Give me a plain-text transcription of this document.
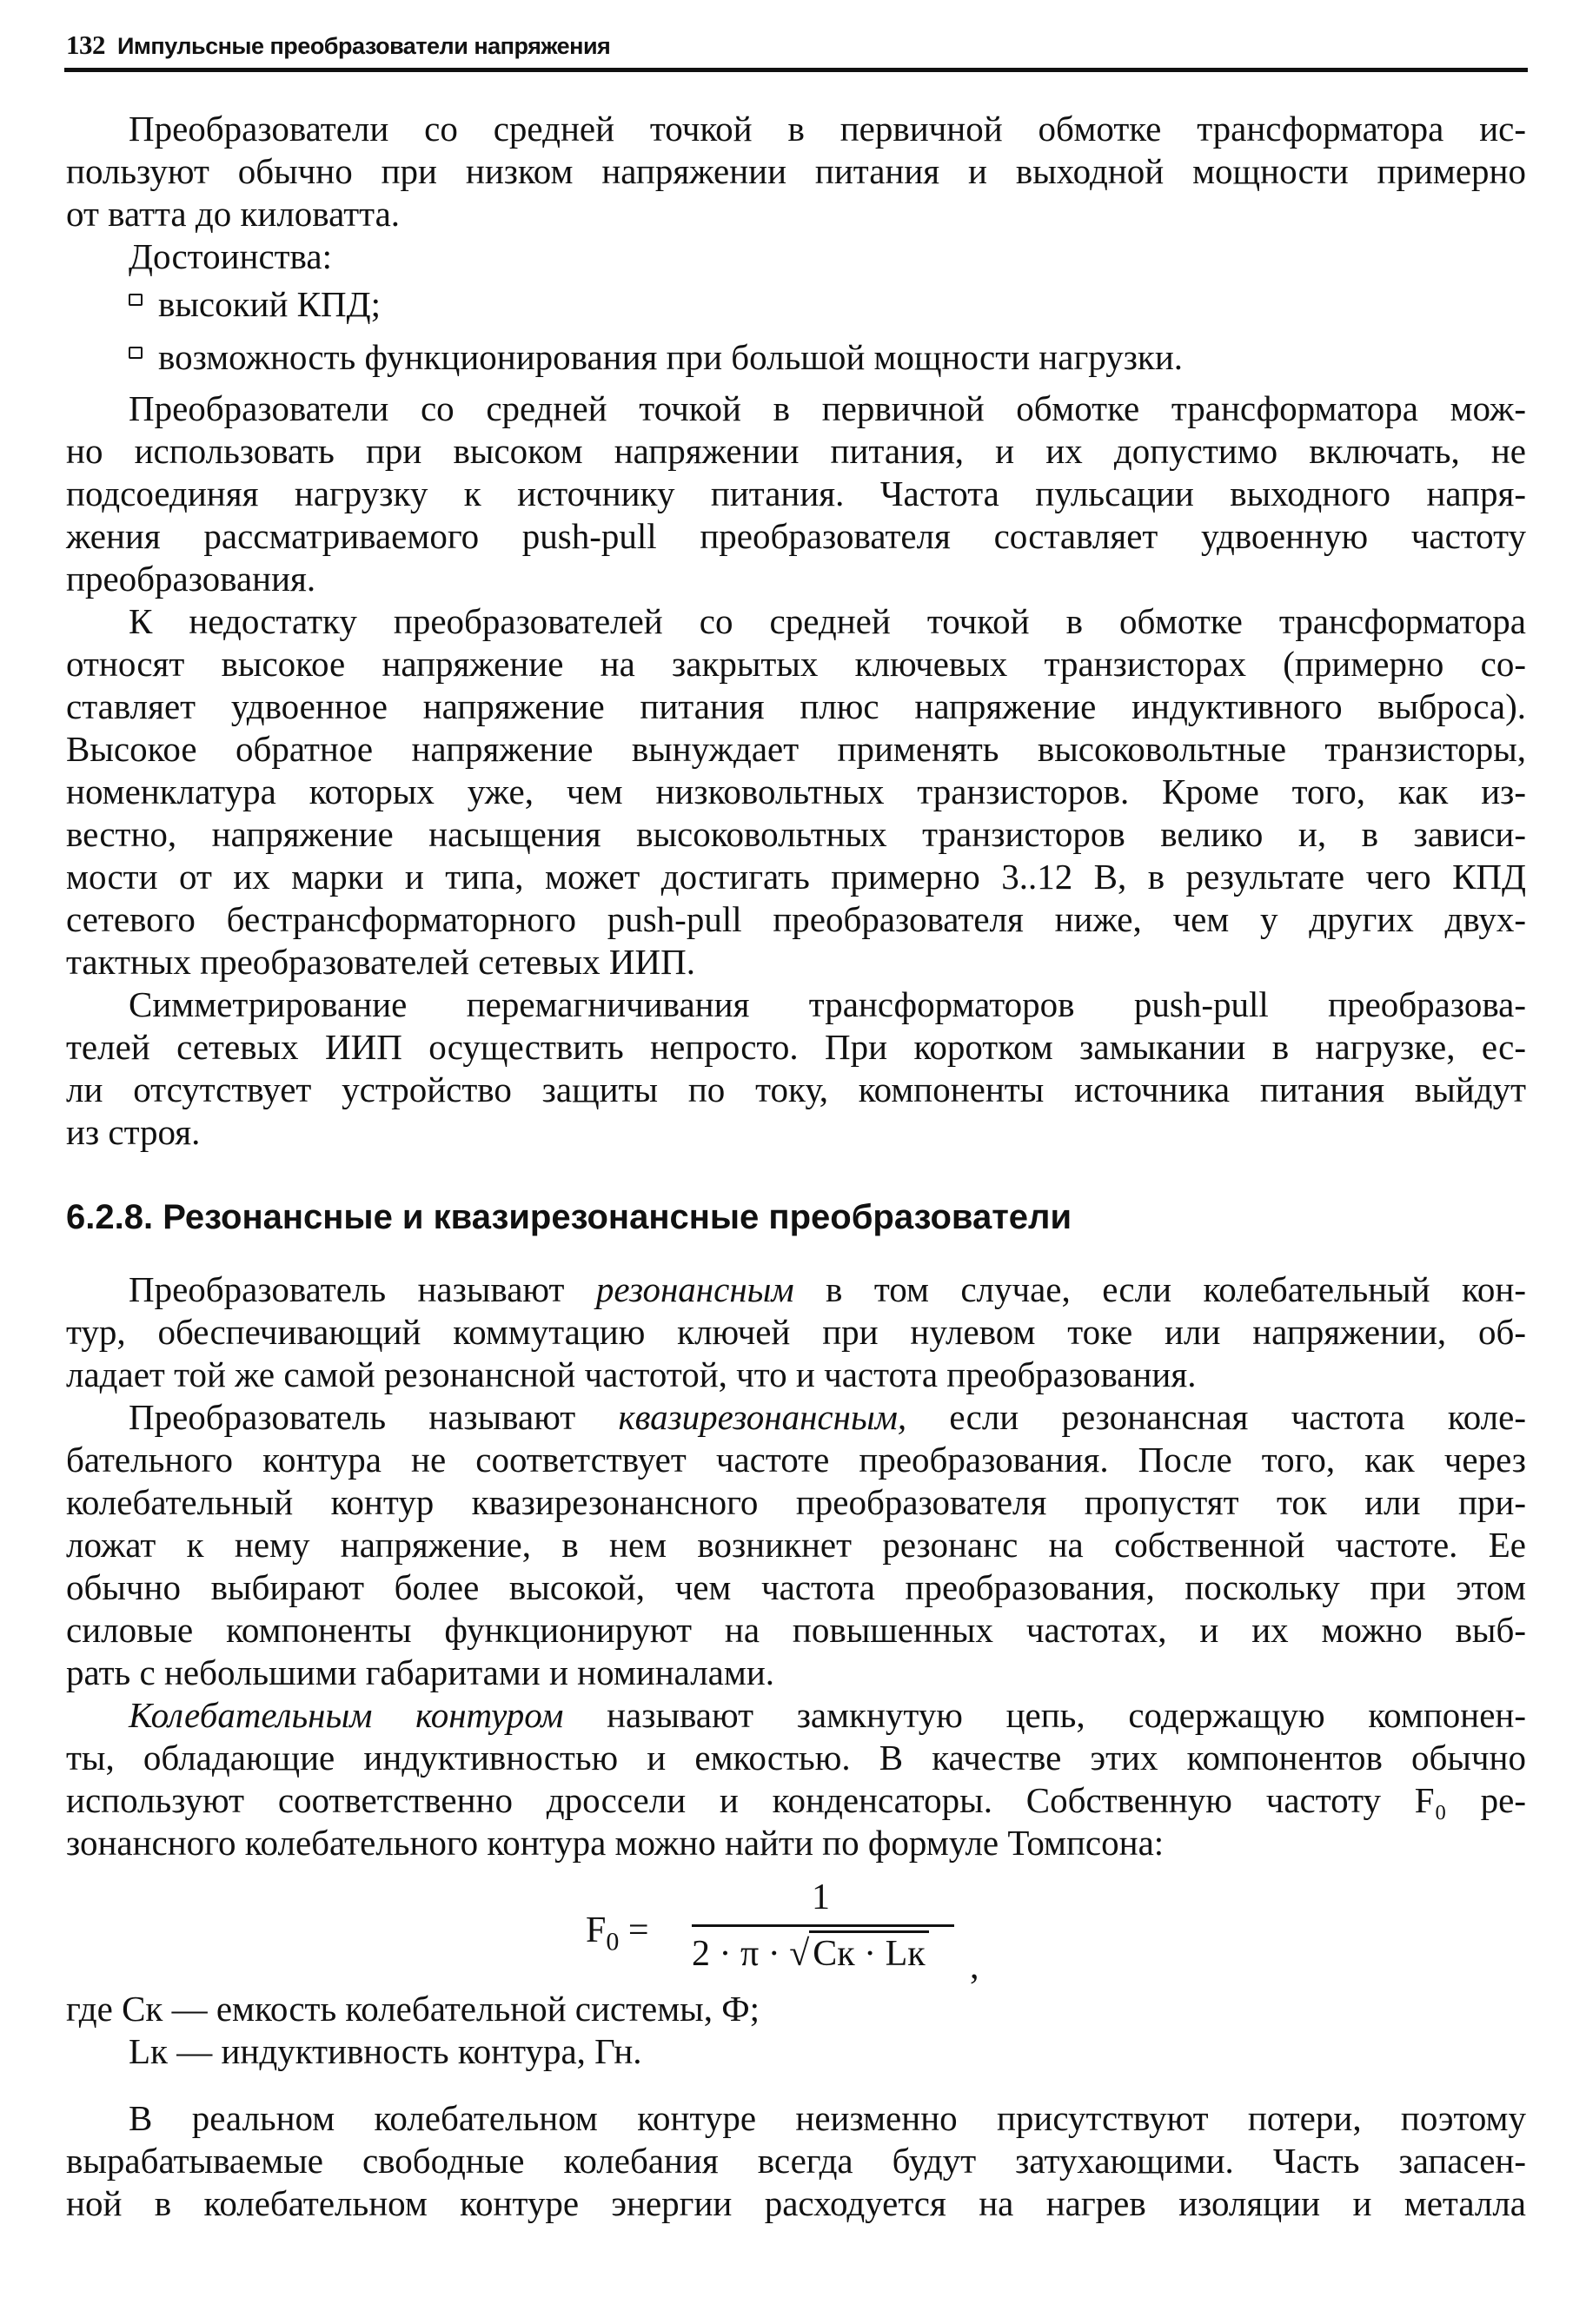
132 Импульсные преобразователи напряжения
Преобразователи со средней точкой в первичной обмотке трансформатора ис-
пользуют обычно при низком напряжении питания и выходной мощности примерно
от ватта до киловатта.
Достоинства:
высокий КПД;
возможность функционирования при большой мощности нагрузки.
Преобразователи со средней точкой в первичной обмотке трансформатора мож-
но использовать при высоком напряжении питания, и их допустимо включать, не
подсоединяя нагрузку к источнику питания. Частота пульсации выходного напря-
жения рассматриваемого push-pull преобразователя составляет удвоенную частоту
преобразования.
К недостатку преобразователей со средней точкой в обмотке трансформатора
относят высокое напряжение на закрытых ключевых транзисторах (примерно со-
ставляет удвоенное напряжение питания плюс напряжение индуктивного выброса).
Высокое обратное напряжение вынуждает применять высоковольтные транзисторы,
номенклатура которых уже, чем низковольтных транзисторов. Кроме того, как из-
вестно, напряжение насыщения высоковольтных транзисторов велико и, в зависи-
мости от их марки и типа, может достигать примерно 3..12 В, в результате чего КПД
сетевого бестрансформаторного push-pull преобразователя ниже, чем у других двух-
тактных преобразователей сетевых ИИП.
Симметрирование перемагничивания трансформаторов push-pull преобразова-
телей сетевых ИИП осуществить непросто. При коротком замыкании в нагрузке, ес-
ли отсутствует устройство защиты по току, компоненты источника питания выйдут
из строя.
6.2.8. Резонансные и квазирезонансные преобразователи
Преобразователь называют резонансным в том случае, если колебательный кон-
тур, обеспечивающий коммутацию ключей при нулевом токе или напряжении, об-
ладает той же самой резонансной частотой, что и частота преобразования.
Преобразователь называют квазирезонансным, если резонансная частота коле-
бательного контура не соответствует частоте преобразования. После того, как через
колебательный контур квазирезонансного преобразователя пропустят ток или при-
ложат к нему напряжение, в нем возникнет резонанс на собственной частоте. Ее
обычно выбирают более высокой, чем частота преобразования, поскольку при этом
силовые компоненты функционируют на повышенных частотах, и их можно выб-
рать с небольшими габаритами и номиналами.
Колебательным контуром называют замкнутую цепь, содержащую компонен-
ты, обладающие индуктивностью и емкостью. В качестве этих компонентов обычно
используют соответственно дроссели и конденсаторы. Собственную частоту F₀ ре-
зонансного колебательного контура можно найти по формуле Томпсона:
$F_0$ =
1
2 · π · √Cк · Lк ,
где Cк — емкость колебательной системы, Ф;
Lк — индуктивность контура, Гн.
В реальном колебательном контуре неизменно присутствуют потери, поэтому
вырабатываемые свободные колебания всегда будут затухающими. Часть запасен-
ной в колебательном контуре энергии расходуется на нагрев изоляции и металла
